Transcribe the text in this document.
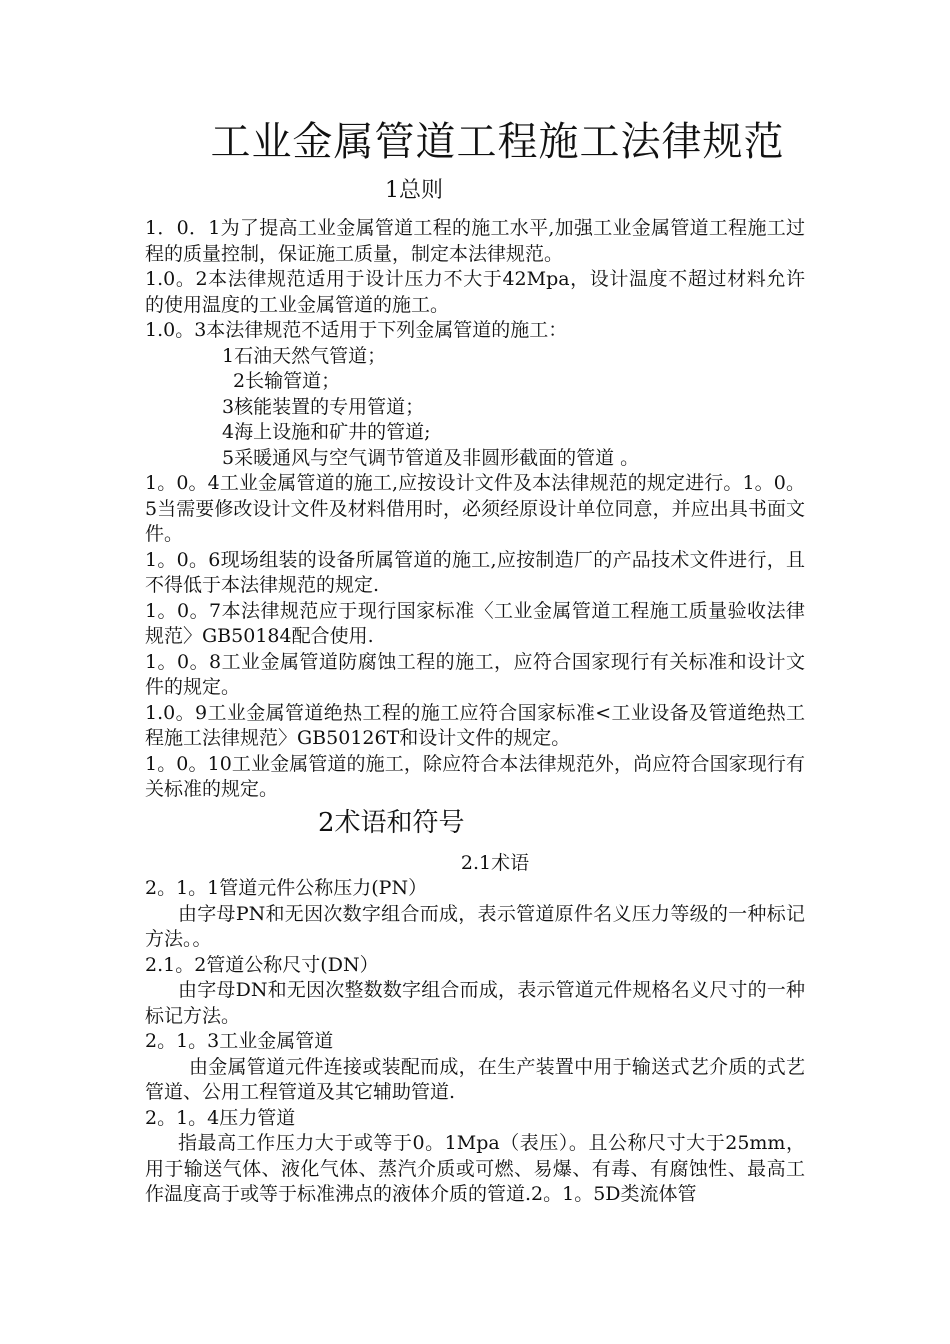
工业金属管道工程施工法律规范
1总则

1．0．1为了提高工业金属管道工程的施工水平,加强工业金属管道工程施工过程的质量控制，保证施工质量，制定本法律规范。

1.0。2本法律规范适用于设计压力不大于42Mpa，设计温度不超过材料允许的使用温度的工业金属管道的施工。

1.0。3本法律规范不适用于下列金属管道的施工：

1石油天然气管道；

2长输管道；

3核能装置的专用管道；

4海上设施和矿井的管道;

5采暖通风与空气调节管道及非圆形截面的管道 。

1。0。4工业金属管道的施工,应按设计文件及本法律规范的规定进行。1。0。5当需要修改设计文件及材料借用时，必须经原设计单位同意，并应出具书面文件。

1。0。6现场组装的设备所属管道的施工,应按制造厂的产品技术文件进行，且不得低于本法律规范的规定.

1。0。7本法律规范应于现行国家标准〈工业金属管道工程施工质量验收法律规范〉GB50184配合使用.

1。0。8工业金属管道防腐蚀工程的施工，应符合国家现行有关标准和设计文件的规定。

1.0。9工业金属管道绝热工程的施工应符合国家标准<工业设备及管道绝热工程施工法律规范〉GB50126T和设计文件的规定。

1。0。10工业金属管道的施工，除应符合本法律规范外，尚应符合国家现行有关标准的规定。

2术语和符号
2.1术语

2。1。1管道元件公称压力(PN）

由字母PN和无因次数字组合而成，表示管道原件名义压力等级的一种标记方法。。

2.1。2管道公称尺寸(DN）

由字母DN和无因次整数数字组合而成，表示管道元件规格名义尺寸的一种标记方法。

2。1。3工业金属管道

由金属管道元件连接或装配而成，在生产装置中用于输送式艺介质的式艺管道、公用工程管道及其它辅助管道.

2。1。4压力管道

指最高工作压力大于或等于0。1Mpa（表压）。且公称尺寸大于25mm，用于输送气体、液化气体、蒸汽介质或可燃、易爆、有毒、有腐蚀性、最高工作温度高于或等于标准沸点的液体介质的管道.2。1。5D类流体管
